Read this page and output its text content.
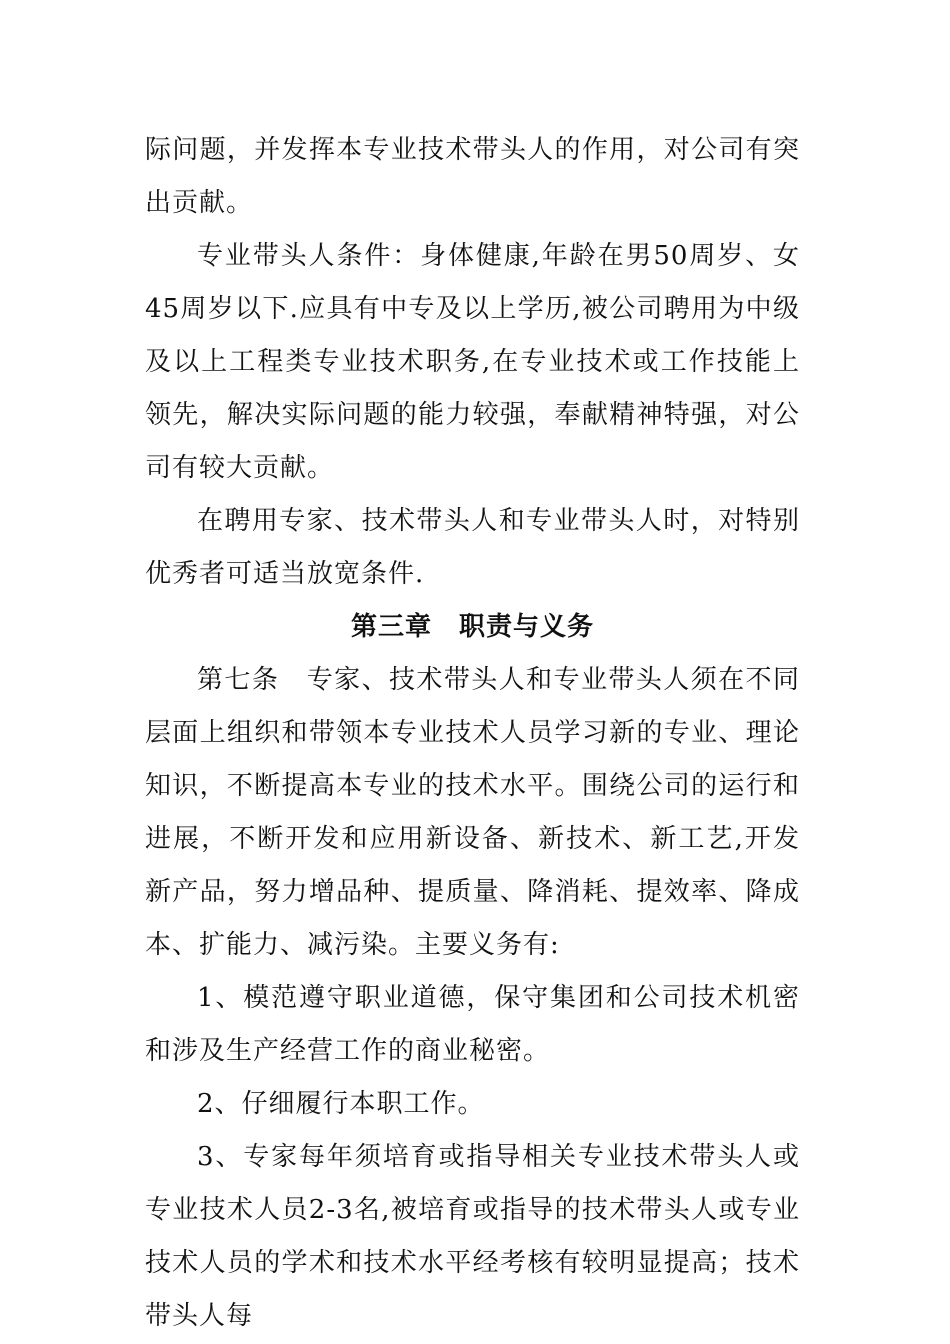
际问题，并发挥本专业技术带头人的作用，对公司有突出贡献。

专业带头人条件：身体健康,年龄在男50周岁、女45周岁以下.应具有中专及以上学历,被公司聘用为中级及以上工程类专业技术职务,在专业技术或工作技能上领先，解决实际问题的能力较强，奉献精神特强，对公司有较大贡献。

在聘用专家、技术带头人和专业带头人时，对特别优秀者可适当放宽条件.

第三章　职责与义务

第七条　专家、技术带头人和专业带头人须在不同层面上组织和带领本专业技术人员学习新的专业、理论知识，不断提高本专业的技术水平。围绕公司的运行和进展，不断开发和应用新设备、新技术、新工艺,开发新产品，努力增品种、提质量、降消耗、提效率、降成本、扩能力、减污染。主要义务有:

1、模范遵守职业道德，保守集团和公司技术机密和涉及生产经营工作的商业秘密。

2、仔细履行本职工作。

3、专家每年须培育或指导相关专业技术带头人或专业技术人员2-3名,被培育或指导的技术带头人或专业技术人员的学术和技术水平经考核有较明显提高；技术带头人每
